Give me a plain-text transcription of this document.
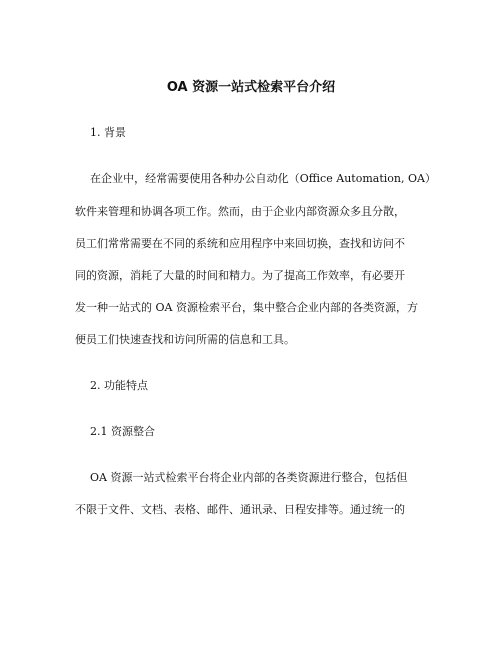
OA 资源一站式检索平台介绍
1. 背景
在企业中，经常需要使用各种办公自动化（Office Automation, OA）
软件来管理和协调各项工作。然而，由于企业内部资源众多且分散，
员工们常常需要在不同的系统和应用程序中来回切换，查找和访问不
同的资源，消耗了大量的时间和精力。为了提高工作效率，有必要开
发一种一站式的 OA 资源检索平台，集中整合企业内部的各类资源，方
便员工们快速查找和访问所需的信息和工具。
2. 功能特点
2.1 资源整合
OA 资源一站式检索平台将企业内部的各类资源进行整合，包括但
不限于文件、文档、表格、邮件、通讯录、日程安排等。通过统一的
